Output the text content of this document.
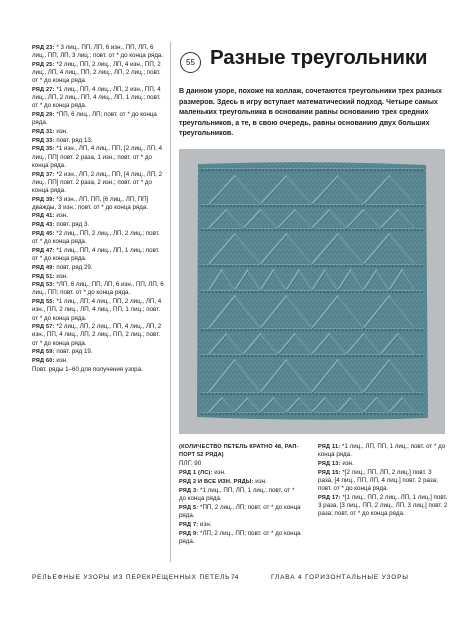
РЯД 23: * 3 лиц., ПП, ЛП, 6 изн., ПП, ЛП, 6 лиц., ПП, ЛП, 3 лиц.; повт. от * до конца ряда.

РЯД 25: *2 лиц., ПП, 2 лиц., ЛП, 4 изн., ПП, 2 лиц., ЛП, 4 лиц., ПП, 2 лиц., ЛП, 2 лиц.; повт. от * до конца ряда.

РЯД 27: *1 лиц., ПП, 4 лиц., ЛП, 2 изн., ПП, 4 лиц., ЛП, 2 лиц., ПП, 4 лиц., ЛП, 1 лиц.; повт. от * до конца ряда.

РЯД 29: *ПП, 6 лиц., ЛП; повт. от * до конца ряда.

РЯД 31: изн.

РЯД 33: повт. ряд 13.

РЯД 35: *1 изн., ЛП, 4 лиц., ПП, [2 лиц., ЛП, 4 лиц., ПП] повт. 2 раза, 1 изн.; повт. от * до конца ряда.

РЯД 37: *2 изн., ЛП, 2 лиц., ПП, [4 лиц., ЛП, 2 лиц., ПП] повт. 2 раза, 2 изн.; повт. от * до конца ряда.

РЯД 39: *3 изн., ЛП, ПП, [6 лиц., ЛП, ПП] дважды, 3 изн.; повт. от * до конца ряда.

РЯД 41: изн.

РЯД 43: повт. ряд 3.

РЯД 45: *2 лиц., ПП, 2 лиц., ЛП, 2 лиц.; повт. от * до конца ряда.

РЯД 47: *1 лиц., ПП, 4 лиц., ЛП, 1 лиц.; повт. от * до конца ряда.

РЯД 49: повт. ряд 29.

РЯД 51: изн.

РЯД 53: *ЛП, 6 лиц., ПП, ЛП, 6 изн., ПП, ЛП, 6 лиц., ПП; повт. от * до конца ряда.

РЯД 55: *1 лиц., ЛП, 4 лиц., ПП, 2 лиц., ЛП, 4 изн., ПП, 2 лиц., ЛП, 4 лиц., ПП, 1 лиц.; повт. от * до конца ряда.

РЯД 57: *2 лиц., ЛП, 2 лиц., ПП, 4 лиц., ЛП, 2 изн., ПП, 4 лиц., ЛП, 2 лиц., ПП, 2 лиц.; повт. от * до конца ряда.

РЯД 59: повт. ряд 19.

РЯД 60: изн.

Повт. ряды 1–60 для получения узора.

55 Разные треугольники
В данном узоре, похоже на коллаж, сочетаются треугольники трех разных размеров. Здесь в игру вступает математический подход. Четыре самых маленьких треугольника в основании равны основанию трех средних треугольников, а те, в свою очередь, равны основанию двух больших треугольников.

(КОЛИЧЕСТВО ПЕТЕЛЬ КРАТНО 48, РАППОРТ 52 РЯДА)

ПЛГ: 90

РЯД 1 (ЛС): изн.

РЯД 2 И ВСЕ ИЗН. РЯДЫ: изн.

РЯД 3: *1 лиц., ПП, ЛП, 1 лиц.; повт. от * до конца ряда.

РЯД 5: *ПП, 2 лиц., ЛП; повт. от * до конца ряда.

РЯД 7: изн.

РЯД 9: *ЛП, 2 лиц., ПП; повт. от * до конца ряда.

РЯД 11: *1 лиц., ЛП, ПП, 1 лиц.; повт. от * до конца ряда.

РЯД 13: изн.

РЯД 15: *[2 лиц., ПП, ЛП, 2 лиц.] повт. 3 раза, [4 лиц., ПП, ЛП, 4 лиц.] повт. 2 раза; повт. от * до конца ряда.

РЯД 17: *[1 лиц., ПП, 2 лиц., ЛП, 1 лиц.] повт. 3 раза, [3 лиц., ПП, 2 лиц., ЛП, 3 лиц.] повт. 2 раза; повт. от * до конца ряда.

РЕЛЬЕФНЫЕ УЗОРЫ ИЗ ПЕРЕКРЕЩЕННЫХ ПЕТЕЛЬ 74	ГЛАВА 4 ГОРИЗОНТАЛЬНЫЕ УЗОРЫ
